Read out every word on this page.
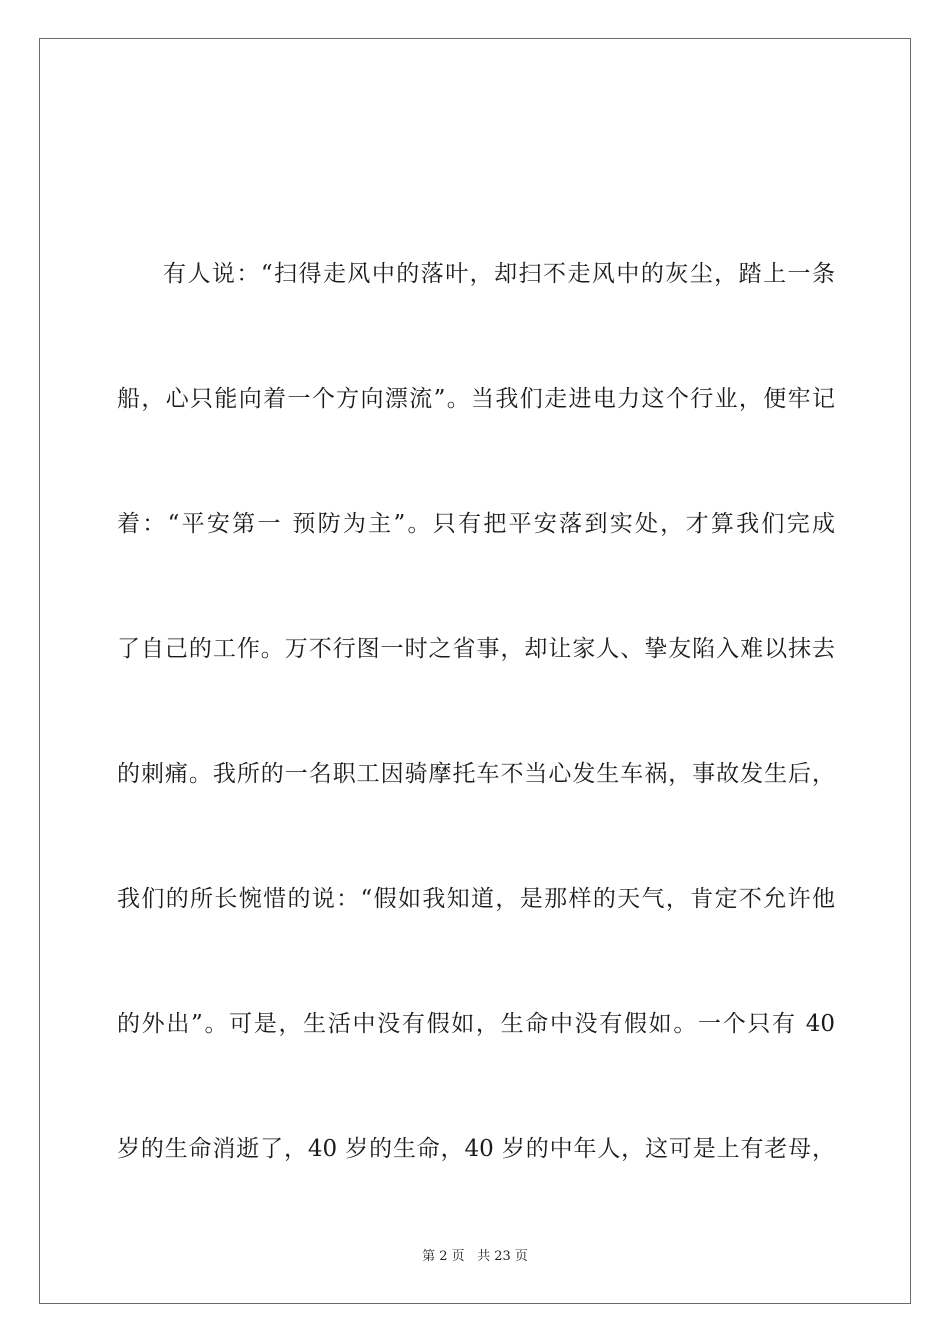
有人说：“扫得走风中的落叶，却扫不走风中的灰尘，踏上一条
船，心只能向着一个方向漂流”。当我们走进电力这个行业，便牢记
着：“平安第一 预防为主”。只有把平安落到实处，才算我们完成
了自己的工作。万不行图一时之省事，却让家人、挚友陷入难以抹去
的刺痛。我所的一名职工因骑摩托车不当心发生车祸，事故发生后，
我们的所长惋惜的说：“假如我知道，是那样的天气，肯定不允许他
的外出”。可是，生活中没有假如，生命中没有假如。一个只有 40
岁的生命消逝了，40 岁的生命，40 岁的中年人，这可是上有老母，
第 2 页 共 23 页
